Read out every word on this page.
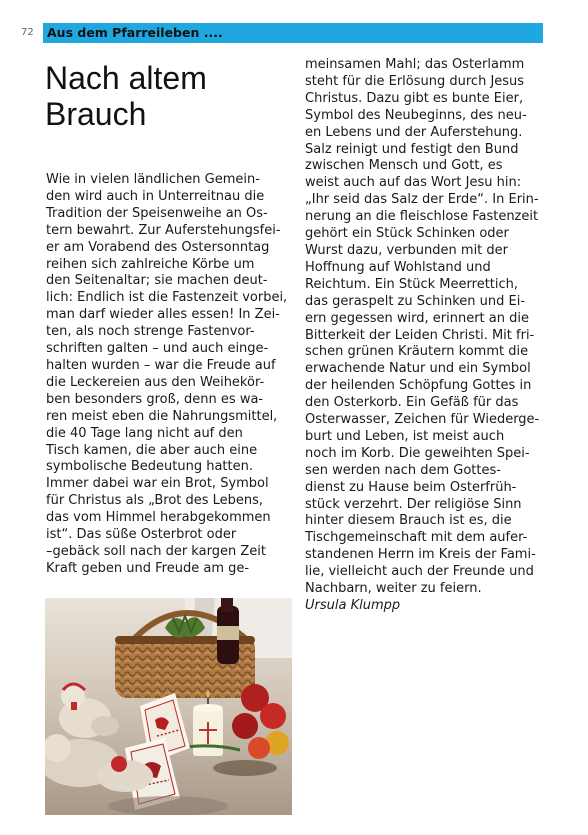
72 Aus dem Pfarreileben ....
Nach altem
Brauch

Wie in vielen ländlichen Gemein-
den wird auch in Unterreitnau die
Tradition der Speisenweihe an Os-
tern bewahrt. Zur Auferstehungsfei-
er am Vorabend des Ostersonntag
reihen sich zahlreiche Körbe um
den Seitenaltar; sie machen deut-
lich: Endlich ist die Fastenzeit vorbei,
man darf wieder alles essen! In Zei-
ten, als noch strenge Fastenvor-
schriften galten – und auch einge-
halten wurden – war die Freude auf
die Leckereien aus den Weihekör-
ben besonders groß, denn es wa-
ren meist eben die Nahrungsmittel,
die 40 Tage lang nicht auf den
Tisch kamen, die aber auch eine
symbolische Bedeutung hatten.
Immer dabei war ein Brot, Symbol
für Christus als „Brot des Lebens,
das vom Himmel herabgekommen
ist“. Das süße Osterbrot oder
–gebäck soll nach der kargen Zeit
Kraft geben und Freude am ge-

meinsamen Mahl; das Osterlamm
steht für die Erlösung durch Jesus
Christus. Dazu gibt es bunte Eier,
Symbol des Neubeginns, des neu-
en Lebens und der Auferstehung.
Salz reinigt und festigt den Bund
zwischen Mensch und Gott, es
weist auch auf das Wort Jesu hin:
„Ihr seid das Salz der Erde“. In Erin-
nerung an die fleischlose Fastenzeit
gehört ein Stück Schinken oder
Wurst dazu, verbunden mit der
Hoffnung auf Wohlstand und
Reichtum. Ein Stück Meerrettich,
das geraspelt zu Schinken und Ei-
ern gegessen wird, erinnert an die
Bitterkeit der Leiden Christi. Mit fri-
schen grünen Kräutern kommt die
erwachende Natur und ein Symbol
der heilenden Schöpfung Gottes in
den Osterkorb. Ein Gefäß für das
Osterwasser, Zeichen für Wiederge-
burt und Leben, ist meist auch
noch im Korb. Die geweihten Spei-
sen werden nach dem Gottes-
dienst zu Hause beim Osterfrüh-
stück verzehrt. Der religiöse Sinn
hinter diesem Brauch ist es, die
Tischgemeinschaft mit dem aufer-
standenen Herrn im Kreis der Fami-
lie, vielleicht auch der Freunde und
Nachbarn, weiter zu feiern.

Ursula Klumpp
